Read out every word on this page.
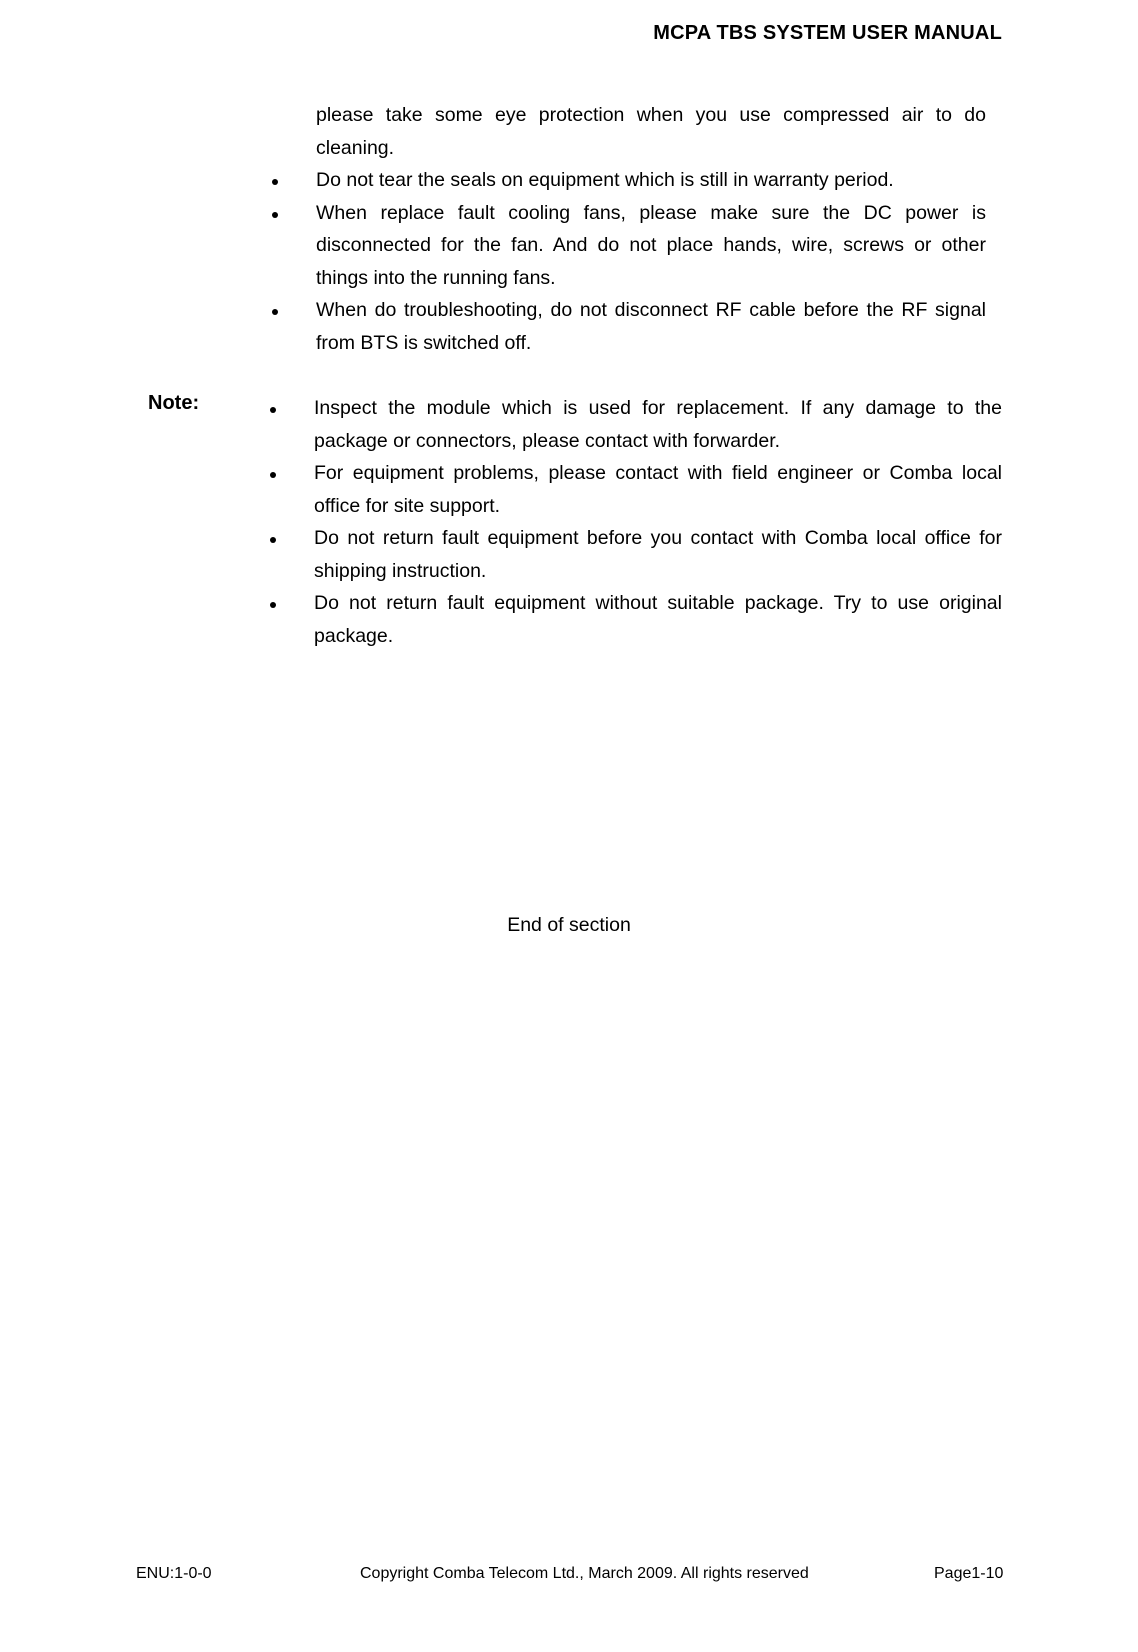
MCPA TBS SYSTEM USER MANUAL
please take some eye protection when you use compressed air to do cleaning.
Do not tear the seals on equipment which is still in warranty period.
When replace fault cooling fans, please make sure the DC power is disconnected for the fan. And do not place hands, wire, screws or other things into the running fans.
When do troubleshooting, do not disconnect RF cable before the RF signal from BTS is switched off.
Note:	Inspect the module which is used for replacement. If any damage to the package or connectors, please contact with forwarder.
For equipment problems, please contact with field engineer or Comba local office for site support.
Do not return fault equipment before you contact with Comba local office for shipping instruction.
Do not return fault equipment without suitable package. Try to use original package.
End of section
ENU:1-0-0	Copyright Comba Telecom Ltd., March 2009. All rights reserved	Page1-10
